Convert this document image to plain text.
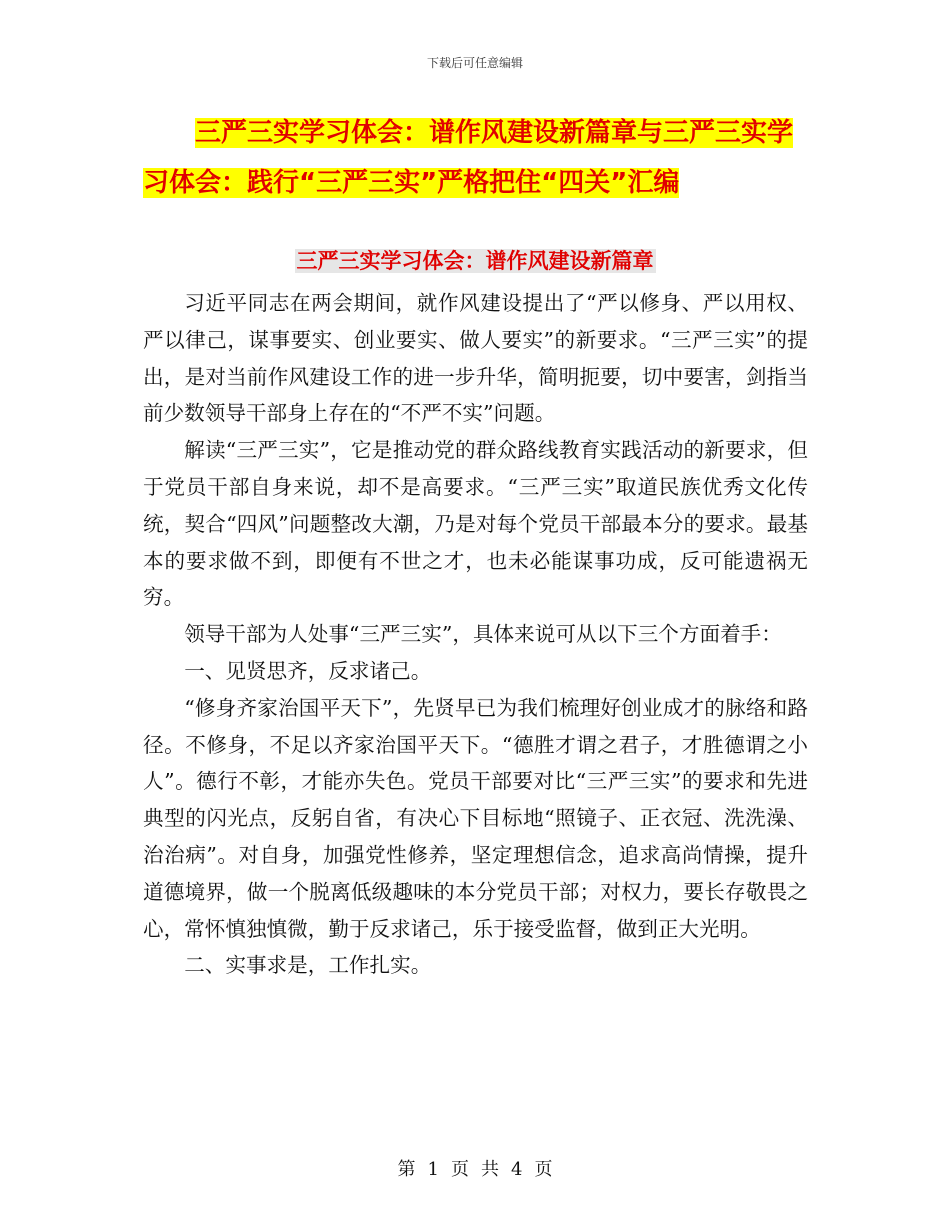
下载后可任意编辑
三严三实学习体会：谱作风建设新篇章与三严三实学
习体会：践行“三严三实”严格把住“四关”汇编
三严三实学习体会：谱作风建设新篇章

习近平同志在两会期间，就作风建设提出了“严以修身、严以用权、严以律己，谋事要实、创业要实、做人要实”的新要求。“三严三实”的提出，是对当前作风建设工作的进一步升华，简明扼要，切中要害，剑指当前少数领导干部身上存在的“不严不实”问题。

解读“三严三实”，它是推动党的群众路线教育实践活动的新要求，但于党员干部自身来说，却不是高要求。“三严三实”取道民族优秀文化传统，契合“四风”问题整改大潮，乃是对每个党员干部最本分的要求。最基本的要求做不到，即便有不世之才，也未必能谋事功成，反可能遗祸无穷。

领导干部为人处事“三严三实”，具体来说可从以下三个方面着手：

一、见贤思齐，反求诸己。

“修身齐家治国平天下”，先贤早已为我们梳理好创业成才的脉络和路径。不修身，不足以齐家治国平天下。“德胜才谓之君子，才胜德谓之小人”。德行不彰，才能亦失色。党员干部要对比“三严三实”的要求和先进典型的闪光点，反躬自省，有决心下目标地“照镜子、正衣冠、洗洗澡、治治病”。对自身，加强党性修养，坚定理想信念，追求高尚情操，提升道德境界，做一个脱离低级趣味的本分党员干部；对权力，要长存敬畏之心，常怀慎独慎微，勤于反求诸己，乐于接受监督，做到正大光明。

二、实事求是，工作扎实。

第 1 页 共 4 页
